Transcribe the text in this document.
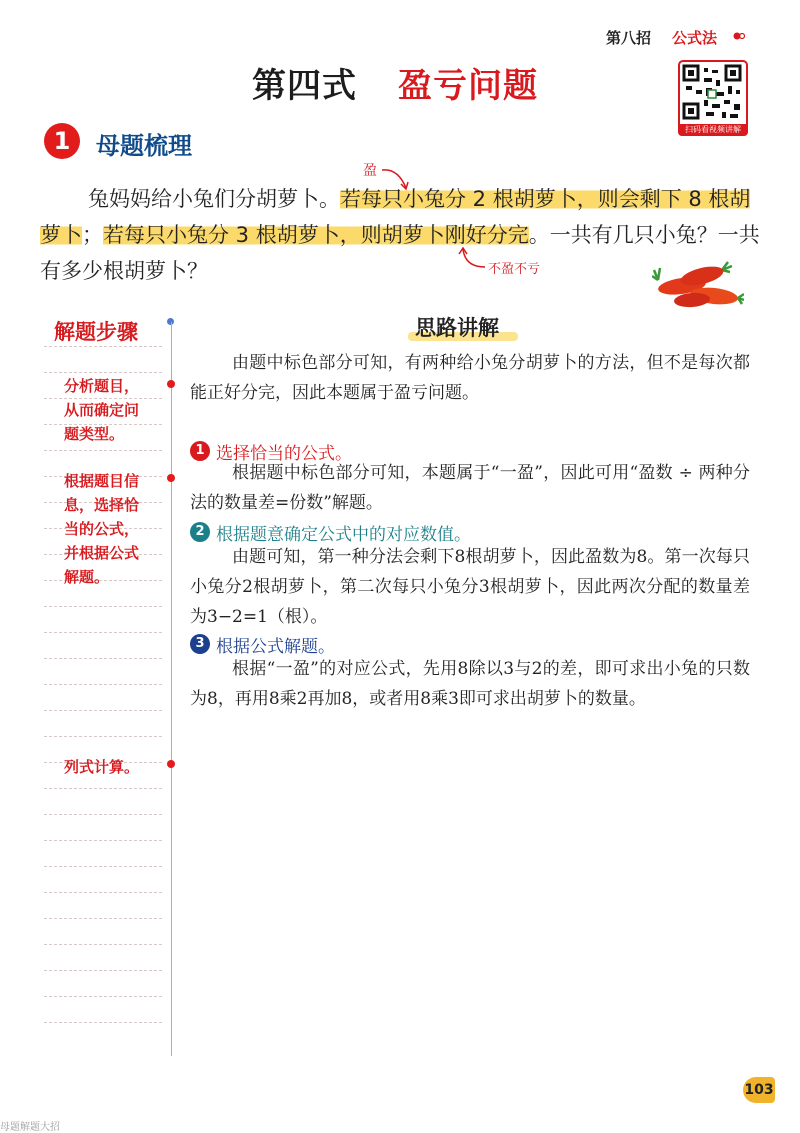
第八招 公式法
第四式 盈亏问题
扫码看视频讲解
1	母题梳理
兔妈妈给小兔们分胡萝卜。若每只小兔分 2 根胡萝卜，则会剩下 8 根胡萝卜；若每只小兔分 3 根胡萝卜，则胡萝卜刚好分完。一共有几只小兔？一共有多少根胡萝卜？
盈
不盈不亏
解题步骤
分析题目，
从而确定问
题类型。
根据题目信
息，选择恰
当的公式，
并根据公式
解题。
列式计算。
思路讲解
由题中标色部分可知，有两种给小兔分胡萝卜的方法，但不是每次都能正好分完，因此本题属于盈亏问题。
1 选择恰当的公式。
根据题中标色部分可知，本题属于“一盈”，因此可用“盈数 ÷ 两种分法的数量差=份数”解题。
2 根据题意确定公式中的对应数值。
由题可知，第一种分法会剩下8根胡萝卜，因此盈数为8。第一次每只小兔分2根胡萝卜，第二次每只小兔分3根胡萝卜，因此两次分配的数量差为3−2=1（根）。
3 根据公式解题。
根据“一盈”的对应公式，先用8除以3与2的差，即可求出小兔的只数为8，再用8乘2再加8，或者用8乘3即可求出胡萝卜的数量。
103
母题解题大招
